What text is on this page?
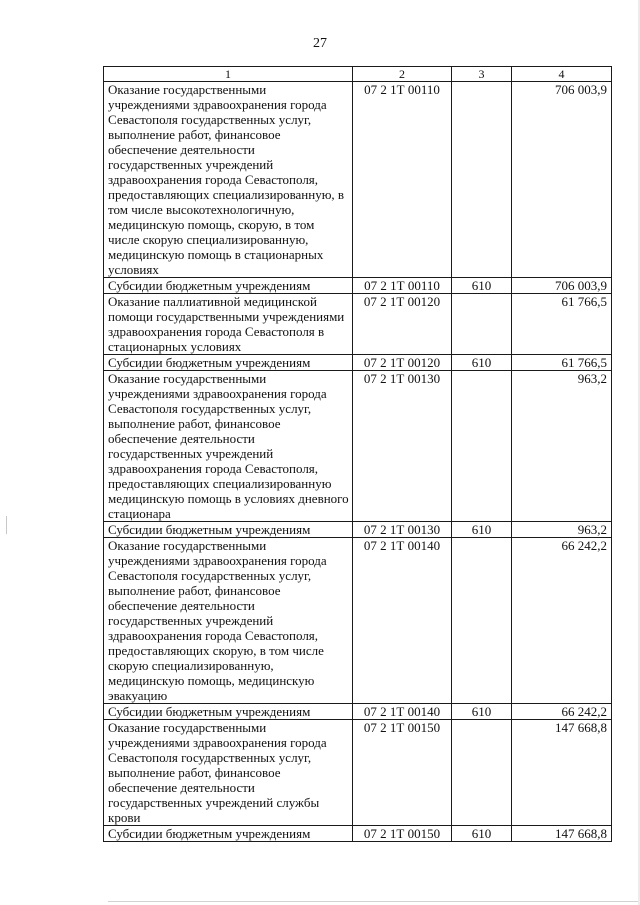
27
1	2	3	4
Оказание государственными учреждениями здравоохранения города Севастополя государственных услуг, выполнение работ, финансовое обеспечение деятельности государственных учреждений здравоохранения города Севастополя, предоставляющих специализированную, в том числе высокотехнологичную, медицинскую помощь, скорую, в том числе скорую специализированную, медицинскую помощь в стационарных условиях	07 2 1Т 00110		706 003,9
Субсидии бюджетным учреждениям	07 2 1Т 00110	610	706 003,9
Оказание паллиативной медицинской помощи государственными учреждениями здравоохранения города Севастополя в стационарных условиях	07 2 1Т 00120		61 766,5
Субсидии бюджетным учреждениям	07 2 1Т 00120	610	61 766,5
Оказание государственными учреждениями здравоохранения города Севастополя государственных услуг, выполнение работ, финансовое обеспечение деятельности государственных учреждений здравоохранения города Севастополя, предоставляющих специализированную медицинскую помощь в условиях дневного стационара	07 2 1Т 00130		963,2
Субсидии бюджетным учреждениям	07 2 1Т 00130	610	963,2
Оказание государственными учреждениями здравоохранения города Севастополя государственных услуг, выполнение работ, финансовое обеспечение деятельности государственных учреждений здравоохранения города Севастополя, предоставляющих скорую, в том числе скорую специализированную, медицинскую помощь, медицинскую эвакуацию	07 2 1Т 00140		66 242,2
Субсидии бюджетным учреждениям	07 2 1Т 00140	610	66 242,2
Оказание государственными учреждениями здравоохранения города Севастополя государственных услуг, выполнение работ, финансовое обеспечение деятельности государственных учреждений службы крови	07 2 1Т 00150		147 668,8
Субсидии бюджетным учреждениям	07 2 1Т 00150	610	147 668,8
